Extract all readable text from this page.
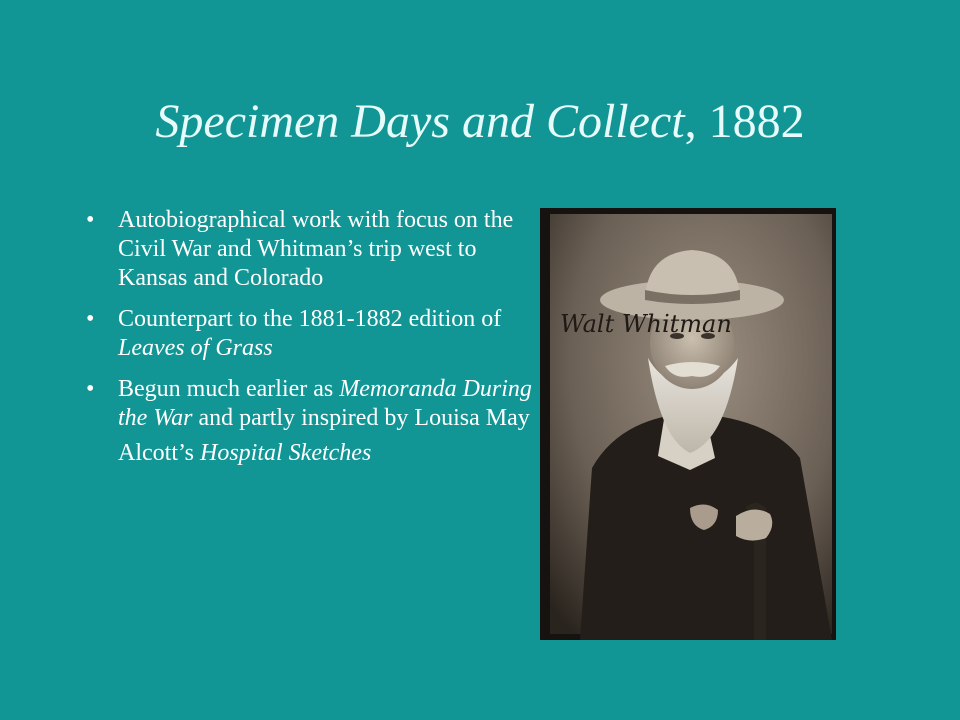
Specimen Days and Collect, 1882
• Autobiographical work with focus on the Civil War and Whitman’s trip west to Kansas and Colorado
• Counterpart to the 1881-1882 edition of Leaves of Grass
• Begun much earlier as Memoranda During the War and partly inspired by Louisa May Alcott’s Hospital Sketches
Walt Whitman
